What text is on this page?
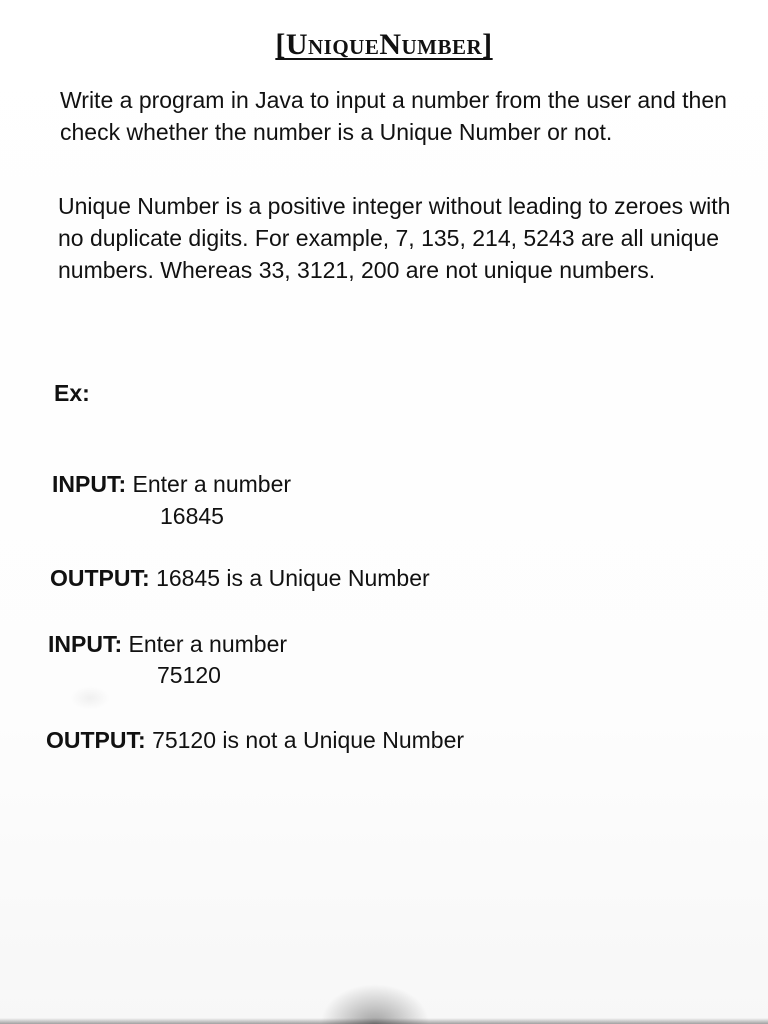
[UniqueNumber]

Write a program in Java to input a number from the user and then check whether the number is a Unique Number or not.

Unique Number is a positive integer without leading to zeroes with no duplicate digits. For example, 7, 135, 214, 5243 are all unique numbers. Whereas 33, 3121, 200 are not unique numbers.

Ex:
INPUT: Enter a number
16845
OUTPUT: 16845 is a Unique Number
INPUT: Enter a number
75120
OUTPUT: 75120 is not a Unique Number
